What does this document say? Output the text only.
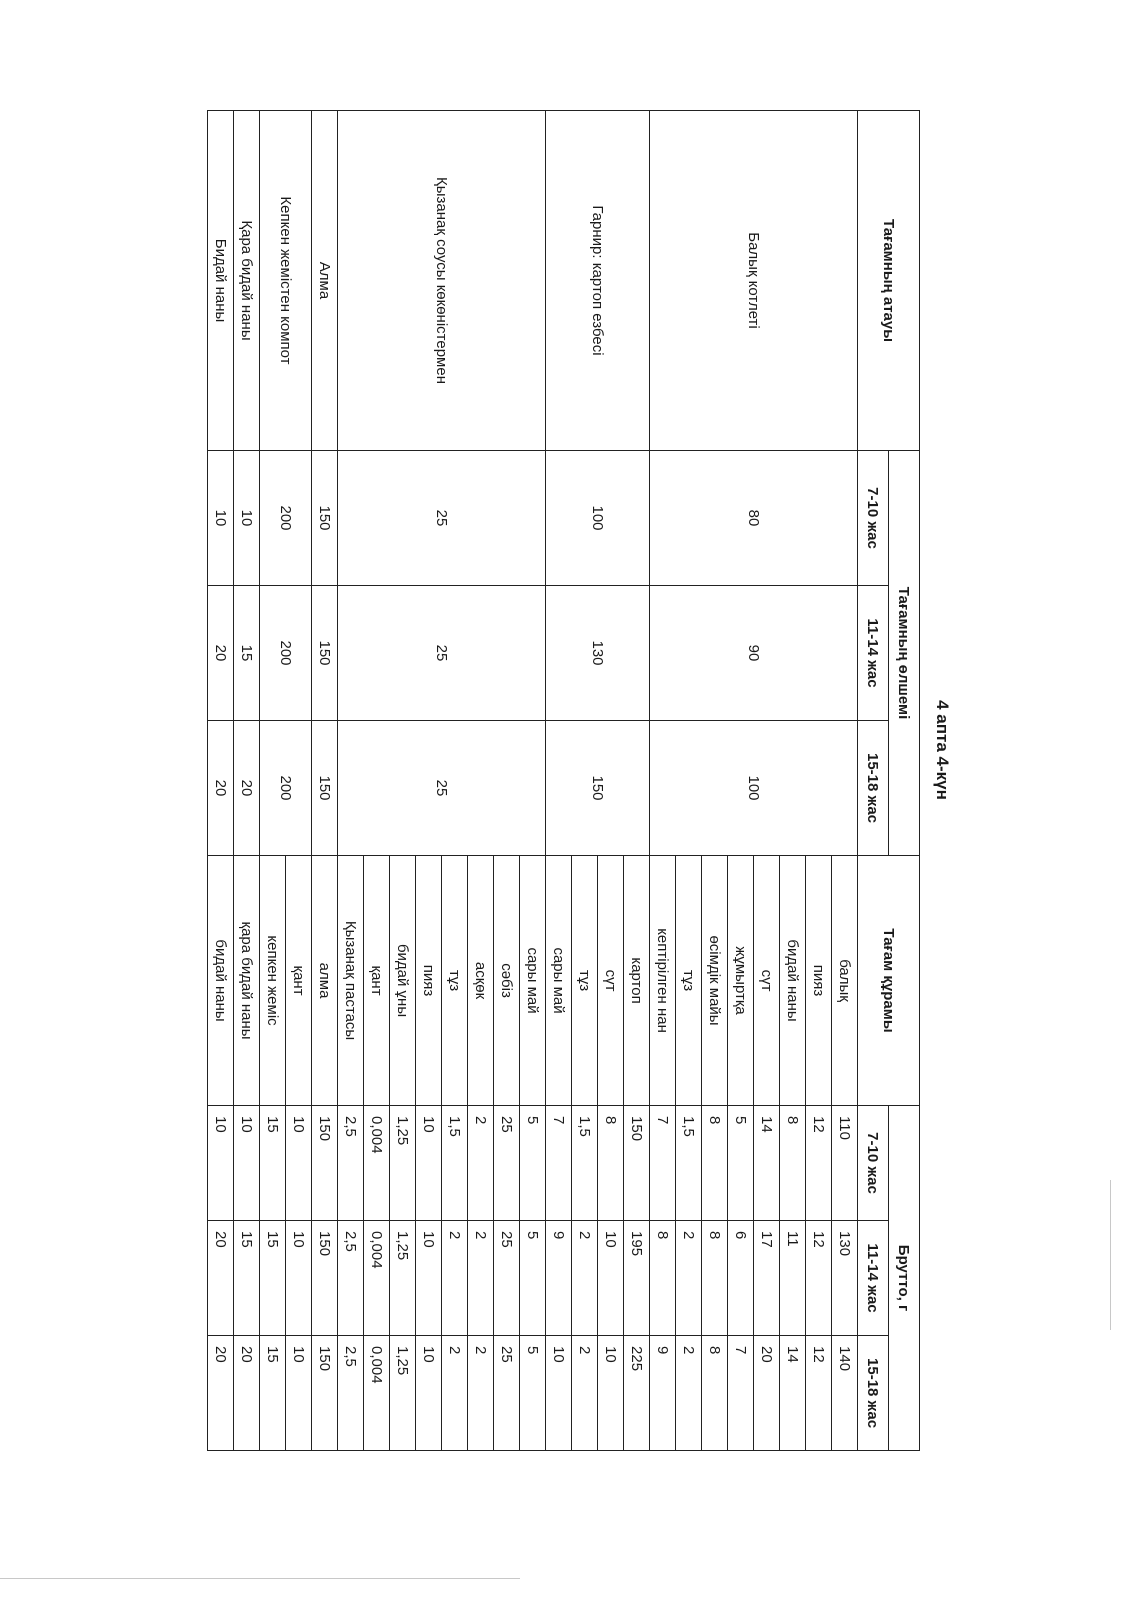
4 апта 4-күн
Тағамның атауы	Тағамның өлшемі			Тағам құрамы	Брутто, г		
	7-10 жас	11-14 жас	15-18 жас		7-10 жас	11-14 жас	15-18 жас
Балық котлеті	80	90	100	балық	110	130	140
				пияз	12	12	12
				бидай наны	8	11	14
				сүт	14	17	20
				жұмыртқа	5	6	7
				өсімдік майы	8	8	8
				тұз	1,5	2	2
				кептірілген нан	7	8	9
Гарнир: картоп езбесі	100	130	150	картоп	150	195	225
				сүт	8	10	10
				тұз	1,5	2	2
				сары май	7	9	10
Қызанақ соусы көкөністермен	25	25	25	сары май	5	5	5
				сәбіз	25	25	25
				асқөк	2	2	2
				тұз	1,5	2	2
				пияз	10	10	10
				бидай ұны	1,25	1,25	1,25
				қант	0,004	0,004	0,004
				Қызанақ пастасы	2,5	2,5	2,5
Алма	150	150	150	алма	150	150	150
Кепкен жемістен компот	200	200	200	қант	10	10	10
				кепкен жеміс	15	15	15
Қара бидай наны	10	15	20	қара бидай наны	10	15	20
Бидай наны	10	20	20	бидай наны	10	20	20
